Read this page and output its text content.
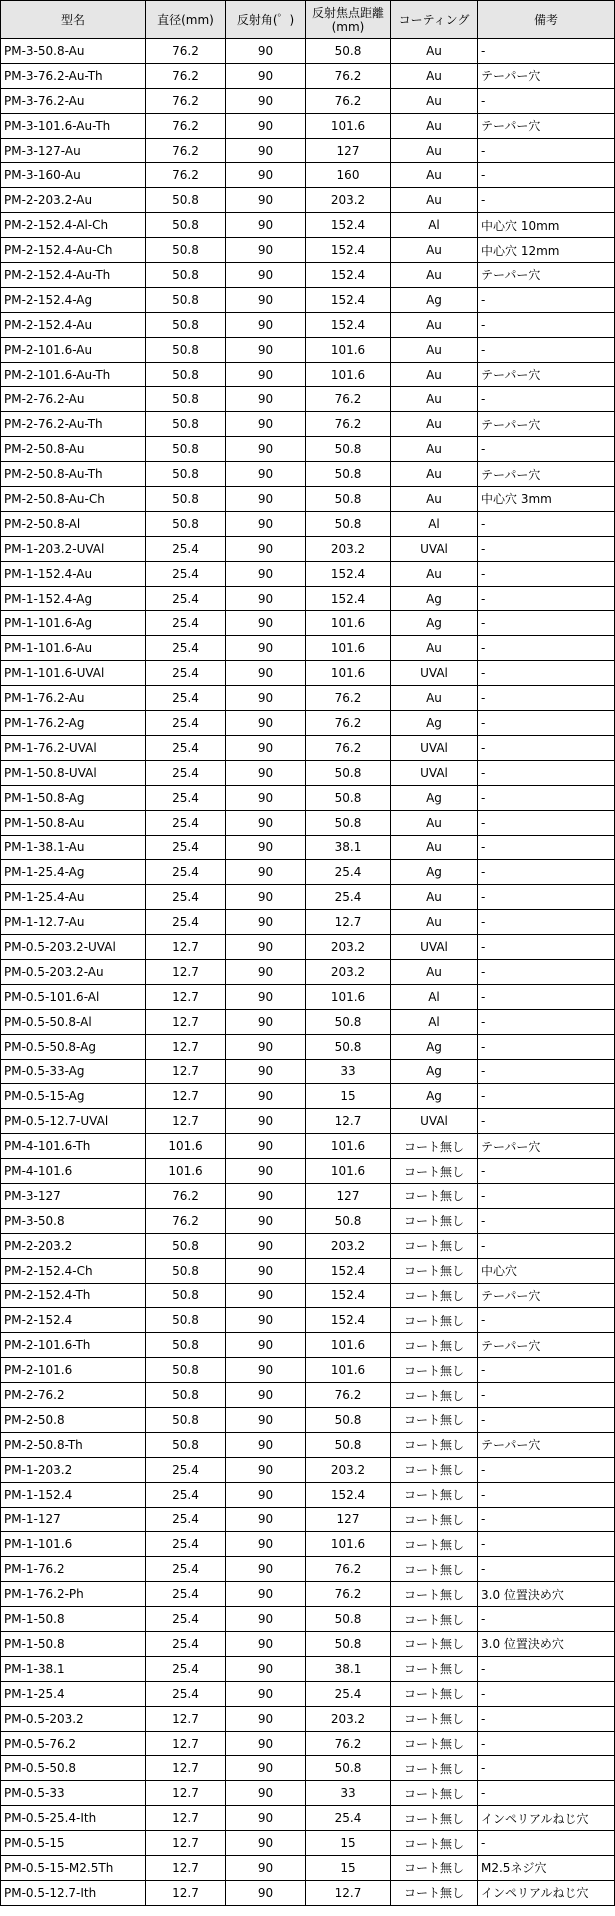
型名	直径(mm)	反射角(゜)	反射焦点距離
(mm)	コーティング	備考
PM-3-50.8-Au	76.2	90	50.8	Au	-
PM-3-76.2-Au-Th	76.2	90	76.2	Au	テーパー穴
PM-3-76.2-Au	76.2	90	76.2	Au	-
PM-3-101.6-Au-Th	76.2	90	101.6	Au	テーパー穴
PM-3-127-Au	76.2	90	127	Au	-
PM-3-160-Au	76.2	90	160	Au	-
PM-2-203.2-Au	50.8	90	203.2	Au	-
PM-2-152.4-Al-Ch	50.8	90	152.4	Al	中心穴 10mm
PM-2-152.4-Au-Ch	50.8	90	152.4	Au	中心穴 12mm
PM-2-152.4-Au-Th	50.8	90	152.4	Au	テーパー穴
PM-2-152.4-Ag	50.8	90	152.4	Ag	-
PM-2-152.4-Au	50.8	90	152.4	Au	-
PM-2-101.6-Au	50.8	90	101.6	Au	-
PM-2-101.6-Au-Th	50.8	90	101.6	Au	テーパー穴
PM-2-76.2-Au	50.8	90	76.2	Au	-
PM-2-76.2-Au-Th	50.8	90	76.2	Au	テーパー穴
PM-2-50.8-Au	50.8	90	50.8	Au	-
PM-2-50.8-Au-Th	50.8	90	50.8	Au	テーパー穴
PM-2-50.8-Au-Ch	50.8	90	50.8	Au	中心穴 3mm
PM-2-50.8-Al	50.8	90	50.8	Al	-
PM-1-203.2-UVAl	25.4	90	203.2	UVAl	-
PM-1-152.4-Au	25.4	90	152.4	Au	-
PM-1-152.4-Ag	25.4	90	152.4	Ag	-
PM-1-101.6-Ag	25.4	90	101.6	Ag	-
PM-1-101.6-Au	25.4	90	101.6	Au	-
PM-1-101.6-UVAl	25.4	90	101.6	UVAl	-
PM-1-76.2-Au	25.4	90	76.2	Au	-
PM-1-76.2-Ag	25.4	90	76.2	Ag	-
PM-1-76.2-UVAl	25.4	90	76.2	UVAl	-
PM-1-50.8-UVAl	25.4	90	50.8	UVAl	-
PM-1-50.8-Ag	25.4	90	50.8	Ag	-
PM-1-50.8-Au	25.4	90	50.8	Au	-
PM-1-38.1-Au	25.4	90	38.1	Au	-
PM-1-25.4-Ag	25.4	90	25.4	Ag	-
PM-1-25.4-Au	25.4	90	25.4	Au	-
PM-1-12.7-Au	25.4	90	12.7	Au	-
PM-0.5-203.2-UVAl	12.7	90	203.2	UVAl	-
PM-0.5-203.2-Au	12.7	90	203.2	Au	-
PM-0.5-101.6-Al	12.7	90	101.6	Al	-
PM-0.5-50.8-Al	12.7	90	50.8	Al	-
PM-0.5-50.8-Ag	12.7	90	50.8	Ag	-
PM-0.5-33-Ag	12.7	90	33	Ag	-
PM-0.5-15-Ag	12.7	90	15	Ag	-
PM-0.5-12.7-UVAl	12.7	90	12.7	UVAl	-
PM-4-101.6-Th	101.6	90	101.6	コート無し	テーパー穴
PM-4-101.6	101.6	90	101.6	コート無し	-
PM-3-127	76.2	90	127	コート無し	-
PM-3-50.8	76.2	90	50.8	コート無し	-
PM-2-203.2	50.8	90	203.2	コート無し	-
PM-2-152.4-Ch	50.8	90	152.4	コート無し	中心穴
PM-2-152.4-Th	50.8	90	152.4	コート無し	テーパー穴
PM-2-152.4	50.8	90	152.4	コート無し	-
PM-2-101.6-Th	50.8	90	101.6	コート無し	テーパー穴
PM-2-101.6	50.8	90	101.6	コート無し	-
PM-2-76.2	50.8	90	76.2	コート無し	-
PM-2-50.8	50.8	90	50.8	コート無し	-
PM-2-50.8-Th	50.8	90	50.8	コート無し	テーパー穴
PM-1-203.2	25.4	90	203.2	コート無し	-
PM-1-152.4	25.4	90	152.4	コート無し	-
PM-1-127	25.4	90	127	コート無し	-
PM-1-101.6	25.4	90	101.6	コート無し	-
PM-1-76.2	25.4	90	76.2	コート無し	-
PM-1-76.2-Ph	25.4	90	76.2	コート無し	3.0 位置決め穴
PM-1-50.8	25.4	90	50.8	コート無し	-
PM-1-50.8	25.4	90	50.8	コート無し	3.0 位置決め穴
PM-1-38.1	25.4	90	38.1	コート無し	-
PM-1-25.4	25.4	90	25.4	コート無し	-
PM-0.5-203.2	12.7	90	203.2	コート無し	-
PM-0.5-76.2	12.7	90	76.2	コート無し	-
PM-0.5-50.8	12.7	90	50.8	コート無し	-
PM-0.5-33	12.7	90	33	コート無し	-
PM-0.5-25.4-Ith	12.7	90	25.4	コート無し	インペリアルねじ穴
PM-0.5-15	12.7	90	15	コート無し	-
PM-0.5-15-M2.5Th	12.7	90	15	コート無し	M2.5ネジ穴
PM-0.5-12.7-Ith	12.7	90	12.7	コート無し	インペリアルねじ穴
